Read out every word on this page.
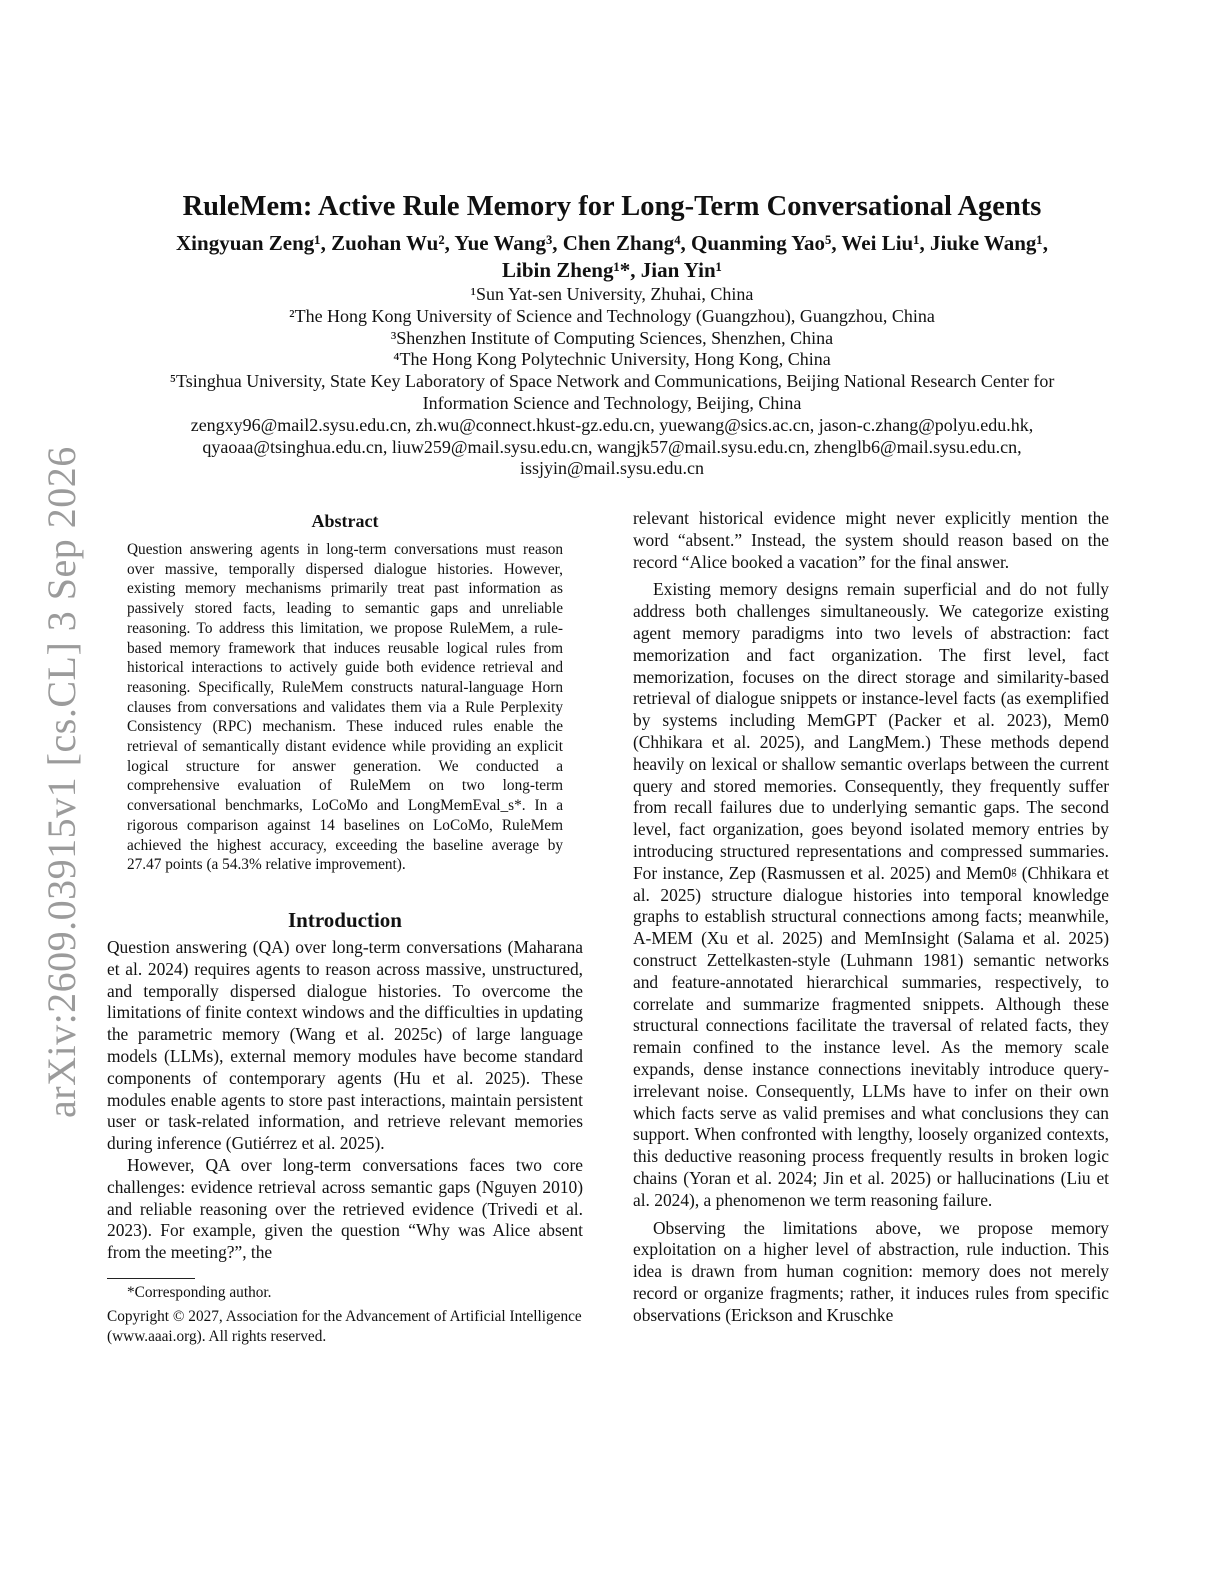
arXiv:2609.03915v1 [cs.CL] 3 Sep 2026
RuleMem: Active Rule Memory for Long-Term Conversational Agents
Xingyuan Zeng¹, Zuohan Wu², Yue Wang³, Chen Zhang⁴, Quanming Yao⁵, Wei Liu¹, Jiuke Wang¹,
Libin Zheng¹*, Jian Yin¹
¹Sun Yat-sen University, Zhuhai, China
²The Hong Kong University of Science and Technology (Guangzhou), Guangzhou, China
³Shenzhen Institute of Computing Sciences, Shenzhen, China
⁴The Hong Kong Polytechnic University, Hong Kong, China
⁵Tsinghua University, State Key Laboratory of Space Network and Communications, Beijing National Research Center for
Information Science and Technology, Beijing, China
zengxy96@mail2.sysu.edu.cn, zh.wu@connect.hkust-gz.edu.cn, yuewang@sics.ac.cn, jason-c.zhang@polyu.edu.hk,
qyaoaa@tsinghua.edu.cn, liuw259@mail.sysu.edu.cn, wangjk57@mail.sysu.edu.cn, zhenglb6@mail.sysu.edu.cn,
issjyin@mail.sysu.edu.cn
Abstract

Question answering agents in long-term conversations must reason over massive, temporally dispersed dialogue histories. However, existing memory mechanisms primarily treat past information as passively stored facts, leading to semantic gaps and unreliable reasoning. To address this limitation, we propose RuleMem, a rule-based memory framework that induces reusable logical rules from historical interactions to actively guide both evidence retrieval and reasoning. Specifically, RuleMem constructs natural-language Horn clauses from conversations and validates them via a Rule Perplexity Consistency (RPC) mechanism. These induced rules enable the retrieval of semantically distant evidence while providing an explicit logical structure for answer generation. We conducted a comprehensive evaluation of RuleMem on two long-term conversational benchmarks, LoCoMo and LongMemEval_s*. In a rigorous comparison against 14 baselines on LoCoMo, RuleMem achieved the highest accuracy, exceeding the baseline average by 27.47 points (a 54.3% relative improvement).

Introduction

Question answering (QA) over long-term conversations (Maharana et al. 2024) requires agents to reason across massive, unstructured, and temporally dispersed dialogue histories. To overcome the limitations of finite context windows and the difficulties in updating the parametric memory (Wang et al. 2025c) of large language models (LLMs), external memory modules have become standard components of contemporary agents (Hu et al. 2025). These modules enable agents to store past interactions, maintain persistent user or task-related information, and retrieve relevant memories during inference (Gutiérrez et al. 2025).

However, QA over long-term conversations faces two core challenges: evidence retrieval across semantic gaps (Nguyen 2010) and reliable reasoning over the retrieved evidence (Trivedi et al. 2023). For example, given the question “Why was Alice absent from the meeting?”, the

*Corresponding author.

Copyright © 2027, Association for the Advancement of Artificial Intelligence (www.aaai.org). All rights reserved.

relevant historical evidence might never explicitly mention the word “absent.” Instead, the system should reason based on the record “Alice booked a vacation” for the final answer.

Existing memory designs remain superficial and do not fully address both challenges simultaneously. We categorize existing agent memory paradigms into two levels of abstraction: fact memorization and fact organization. The first level, fact memorization, focuses on the direct storage and similarity-based retrieval of dialogue snippets or instance-level facts (as exemplified by systems including MemGPT (Packer et al. 2023), Mem0 (Chhikara et al. 2025), and LangMem.) These methods depend heavily on lexical or shallow semantic overlaps between the current query and stored memories. Consequently, they frequently suffer from recall failures due to underlying semantic gaps. The second level, fact organization, goes beyond isolated memory entries by introducing structured representations and compressed summaries. For instance, Zep (Rasmussen et al. 2025) and Mem0ᵍ (Chhikara et al. 2025) structure dialogue histories into temporal knowledge graphs to establish structural connections among facts; meanwhile, A-MEM (Xu et al. 2025) and MemInsight (Salama et al. 2025) construct Zettelkasten-style (Luhmann 1981) semantic networks and feature-annotated hierarchical summaries, respectively, to correlate and summarize fragmented snippets. Although these structural connections facilitate the traversal of related facts, they remain confined to the instance level. As the memory scale expands, dense instance connections inevitably introduce query-irrelevant noise. Consequently, LLMs have to infer on their own which facts serve as valid premises and what conclusions they can support. When confronted with lengthy, loosely organized contexts, this deductive reasoning process frequently results in broken logic chains (Yoran et al. 2024; Jin et al. 2025) or hallucinations (Liu et al. 2024), a phenomenon we term reasoning failure.

Observing the limitations above, we propose memory exploitation on a higher level of abstraction, rule induction. This idea is drawn from human cognition: memory does not merely record or organize fragments; rather, it induces rules from specific observations (Erickson and Kruschke
